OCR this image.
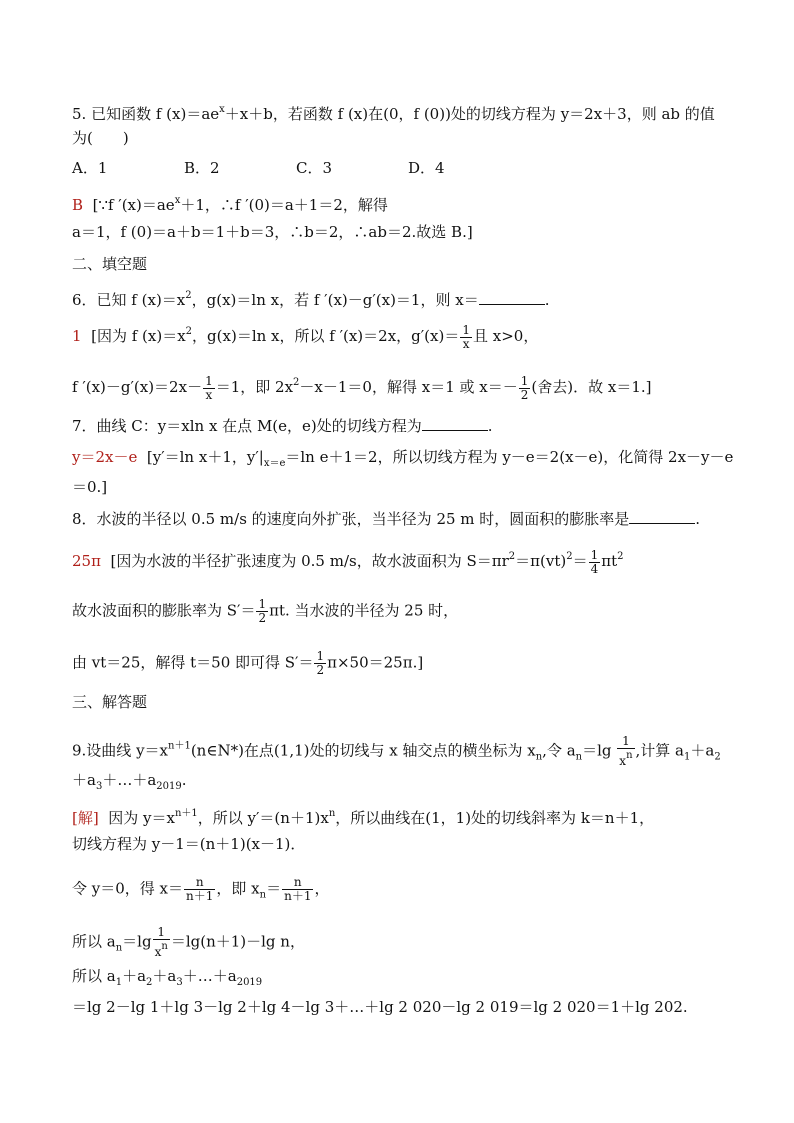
5. 已知函数 f $(x)=ae^x+x+b$，若函数 f (x)在(0，f (0))处的切线方程为 y＝2x＋3，则 ab 的值
为(　　)
A．1	B．2	C．3	D．4
B [∵f $'(x)=ae^x+1$，∴f ′(0)＝a＋1＝2，解得
a＝1，f (0)＝a＋b＝1＋b＝3，∴b＝2，∴ab＝2.故选 B.]
二、填空题
6．已知 f $(x)=x^2$，g(x)＝ln x，若 f ′(x)－g′(x)＝1，则 x＝	.
1 [因为 f $(x)=x^2$，g(x)＝ln x，所以 f ′(x)＝2x，$g'(x)= \frac{1}{x}$ 且 x>0，
f $'(x)-g'(x)=2x- \frac{1}{x} =1$，即 $2x^2-x-1=0$，解得 x＝1 或 $x=- \frac{1}{2}$ (舍去)．故 x＝1.]
7．曲线 C：y＝xln x 在点 M(e，e)处的切线方程为	.
y＝2x－e [y′＝ln x＋1，$y'|_{x=e}=\ln$ e＋1＝2，所以切线方程为 y－e＝2(x－e)，化简得 2x－y－e
＝0.]
8．水波的半径以 0.5 m/s 的速度向外扩张，当半径为 25 m 时，圆面积的膨胀率是	.
25π [因为水波的半径扩张速度为 0.5 m/s，故水波面积为 $S=\pi r^2=\pi(vt)^2= \frac{1}{4} \pi t^2$
故水波面积的膨胀率为 $S'= \frac{1}{2} \pi t$. 当水波的半径为 25 时，
由 vt＝25，解得 t＝50 即可得 $S'= \frac{1}{2} \pi\times 50=25\pi$.]
三、解答题
9.设曲线 $y=x^{n+1}(n\in N*)$在点(1,1)处的切线与 x 轴交点的横坐标为 $x_n$,令 $a_n=\lg \frac{1}{x^n}$ ,计算 $a_1+a_2$
$+a_3+\dots+a_{2019}$.
[解] 因为 $y=x^{n+1}$，所以 $y'=(n+1)x^n$，所以曲线在(1，1)处的切线斜率为 k＝n＋1，
切线方程为 y－1＝(n＋1)(x－1)．
令 y＝0，得 $x= \frac{n}{n+1}$ ，即 $x_n= \frac{n}{n+1}$ ，
所以 $a_n=\lg \frac{1}{x^n} =\lg(n+1)-\lg$ n，
所以 $a_1+a_2+a_3+\dots+a_{2019}$
＝lg 2－lg 1＋lg 3－lg 2＋lg 4－lg 3＋…＋lg 2 020－lg 2 019＝lg 2 020＝1＋lg 202.
